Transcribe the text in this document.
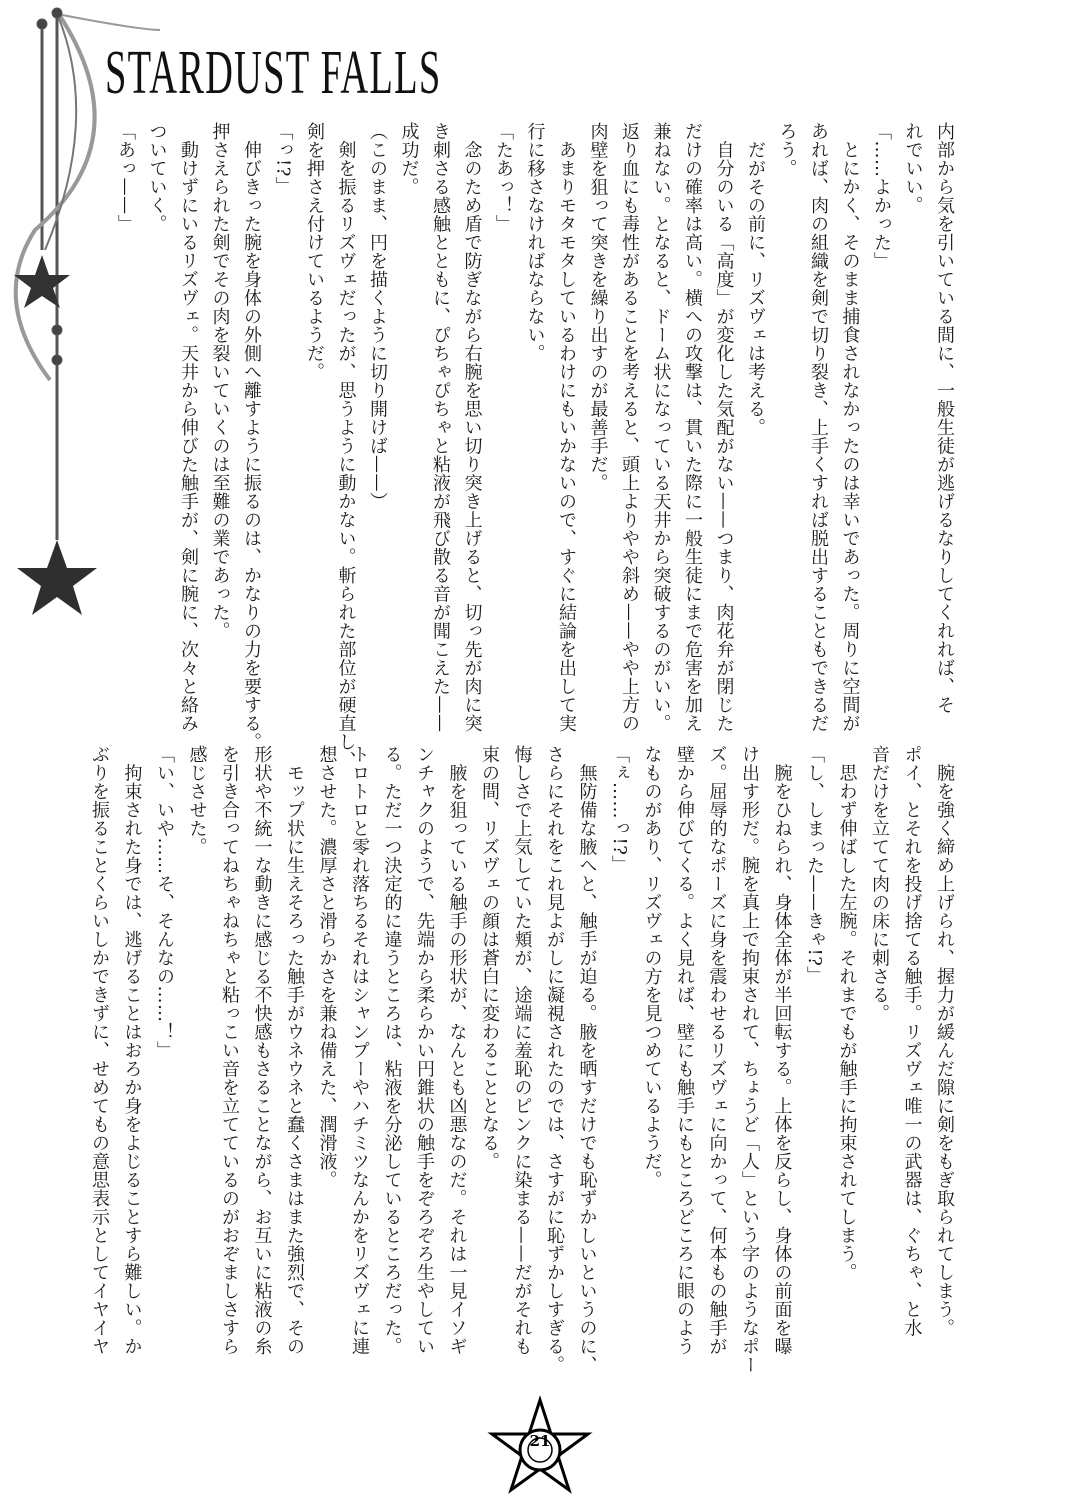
STARDUST FALLS
内部から気を引いている間に、一般生徒が逃げるなりしてくれれば、そ
れでいい。
「……よかった」
　とにかく、そのまま捕食されなかったのは幸いであった。周りに空間が
あれば、肉の組織を剣で切り裂き、上手くすれば脱出することもできるだ
ろう。
　だがその前に、リズヴェは考える。
　自分のいる「高度」が変化した気配がない——つまり、肉花弁が閉じた
だけの確率は高い。横への攻撃は、貫いた際に一般生徒にまで危害を加え
兼ねない。となると、ドーム状になっている天井から突破するのがいい。
返り血にも毒性があることを考えると、頭上よりやや斜め——やや上方の
肉壁を狙って突きを繰り出すのが最善手だ。
　あまりモタモタしているわけにもいかないので、すぐに結論を出して実
行に移さなければならない。
「たあっ！」
　念のため盾で防ぎながら右腕を思い切り突き上げると、切っ先が肉に突
き刺さる感触とともに、ぴちゃぴちゃと粘液が飛び散る音が聞こえた——
成功だ。
（このまま、円を描くように切り開けば——）
　剣を振るリズヴェだったが、思うように動かない。斬られた部位が硬直し、
剣を押さえ付けているようだ。
「っ!?」
　伸びきった腕を身体の外側へ離すように振るのは、かなりの力を要する。
押さえられた剣でその肉を裂いていくのは至難の業であった。
　動けずにいるリズヴェ。天井から伸びた触手が、剣に腕に、次々と絡み
ついていく。
「あっ——」
　腕を強く締め上げられ、握力が緩んだ隙に剣をもぎ取られてしまう。
ポイ、とそれを投げ捨てる触手。リズヴェ唯一の武器は、ぐちゃ、と水
音だけを立てて肉の床に刺さる。
　思わず伸ばした左腕。それまでもが触手に拘束されてしまう。
「し、しまった——きゃ!?」
　腕をひねられ、身体全体が半回転する。上体を反らし、身体の前面を曝
け出す形だ。腕を真上で拘束されて、ちょうど「人」という字のようなポー
ズ。屈辱的なポーズに身を震わせるリズヴェに向かって、何本もの触手が
壁から伸びてくる。よく見れば、壁にも触手にもところどころに眼のよう
なものがあり、リズヴェの方を見つめているようだ。
「ぇ……っ!?」
　無防備な腋へと、触手が迫る。腋を晒すだけでも恥ずかしいというのに、
さらにそれをこれ見よがしに凝視されたのでは、さすがに恥ずかしすぎる。
悔しさで上気していた頬が、途端に羞恥のピンクに染まる——だがそれも
束の間、リズヴェの顔は蒼白に変わることとなる。
　腋を狙っている触手の形状が、なんとも凶悪なのだ。それは一見イソギ
ンチャクのようで、先端から柔らかい円錐状の触手をぞろぞろ生やしてい
る。ただ一つ決定的に違うところは、粘液を分泌しているところだった。
トロトロと零れ落ちるそれはシャンプーやハチミツなんかをリズヴェに連
想させた。濃厚さと滑らかさを兼ね備えた、潤滑液。
　モップ状に生えそろった触手がウネウネと蠢くさまはまた強烈で、その
形状や不統一な動きに感じる不快感もさることながら、お互いに粘液の糸
を引き合ってねちゃねちゃと粘っこい音を立てているのがおぞましさすら
感じさせた。
「い、いや……そ、そんなの……！」
　拘束された身では、逃げることはおろか身をよじることすら難しい。か
ぶりを振ることくらいしかできずに、せめてもの意思表示としてイヤイヤ
21
